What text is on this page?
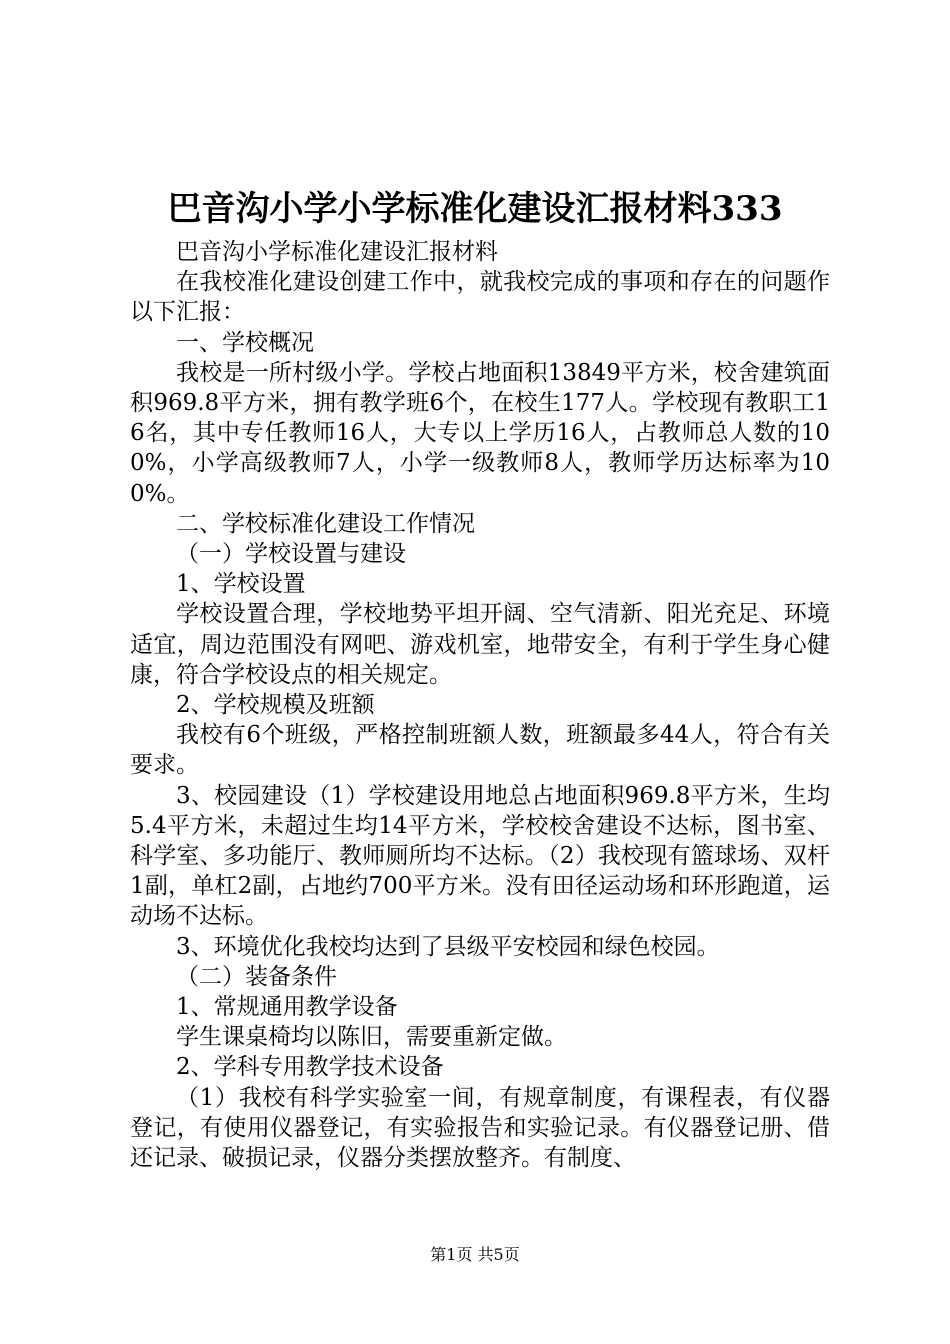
巴音沟小学小学标准化建设汇报材料333

巴音沟小学标准化建设汇报材料

在我校准化建设创建工作中，就我校完成的事项和存在的问题作以下汇报：

一、学校概况

我校是一所村级小学。学校占地面积13849平方米，校舍建筑面积969.8平方米，拥有教学班6个，在校生177人。学校现有教职工16名，其中专任教师16人，大专以上学历16人，占教师总人数的100%，小学高级教师7人，小学一级教师8人，教师学历达标率为100%。

二、学校标准化建设工作情况

（一）学校设置与建设

1、学校设置

学校设置合理，学校地势平坦开阔、空气清新、阳光充足、环境适宜，周边范围没有网吧、游戏机室，地带安全，有利于学生身心健康，符合学校设点的相关规定。

2、学校规模及班额

我校有6个班级，严格控制班额人数，班额最多44人，符合有关要求。

3、校园建设（1）学校建设用地总占地面积969.8平方米，生均5.4平方米，未超过生均14平方米，学校校舍建设不达标，图书室、科学室、多功能厅、教师厕所均不达标。（2）我校现有篮球场、双杆1副，单杠2副，占地约700平方米。没有田径运动场和环形跑道，运动场不达标。

3、环境优化我校均达到了县级平安校园和绿色校园。

（二）装备条件

1、常规通用教学设备

学生课桌椅均以陈旧，需要重新定做。

2、学科专用教学技术设备

（1）我校有科学实验室一间，有规章制度，有课程表，有仪器登记，有使用仪器登记，有实验报告和实验记录。有仪器登记册、借还记录、破损记录，仪器分类摆放整齐。有制度、

第1页 共5页
